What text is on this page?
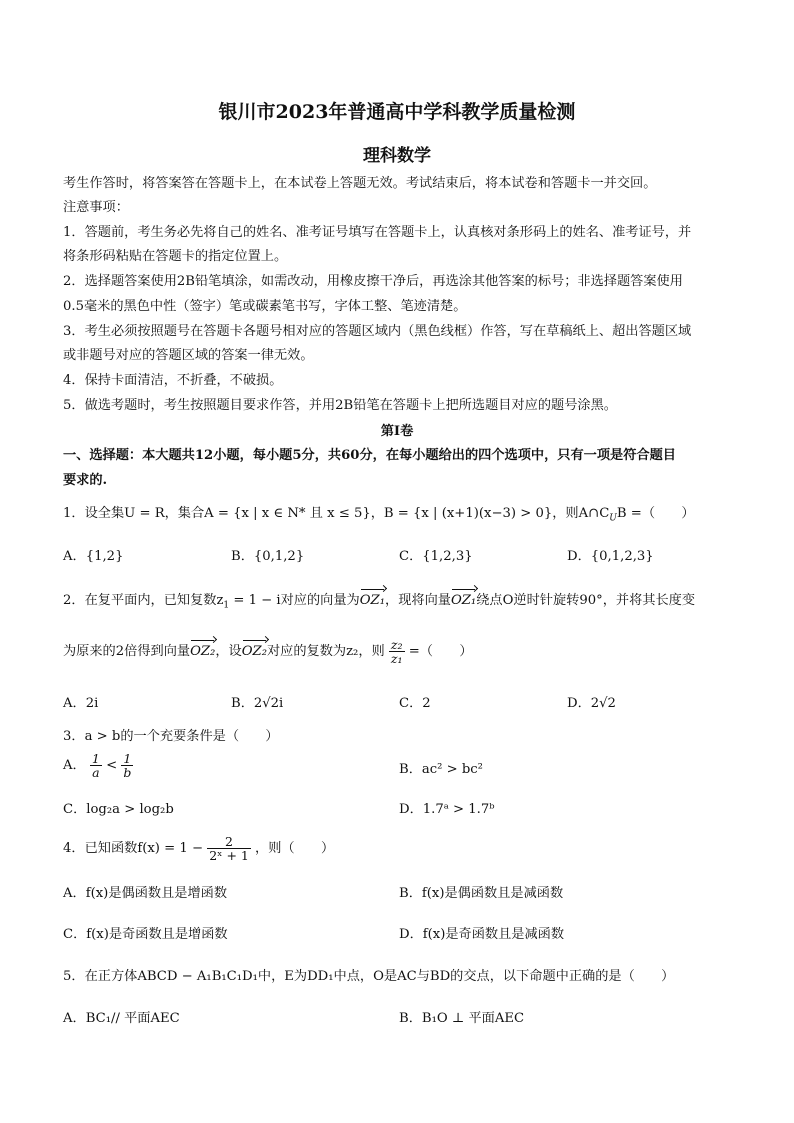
银川市2023年普通高中学科教学质量检测
理科数学
考生作答时，将答案答在答题卡上，在本试卷上答题无效。考试结束后，将本试卷和答题卡一并交回。
注意事项：
1．答题前，考生务必先将自己的姓名、准考证号填写在答题卡上，认真核对条形码上的姓名、准考证号，并
将条形码粘贴在答题卡的指定位置上。
2．选择题答案使用2B铅笔填涂，如需改动，用橡皮擦干净后，再选涂其他答案的标号；非选择题答案使用
0.5毫米的黑色中性（签字）笔或碳素笔书写，字体工整、笔迹清楚。
3．考生必须按照题号在答题卡各题号相对应的答题区域内（黑色线框）作答，写在草稿纸上、超出答题区域
或非题号对应的答题区域的答案一律无效。
4．保持卡面清洁，不折叠，不破损。
5．做选考题时，考生按照题目要求作答，并用2B铅笔在答题卡上把所选题目对应的题号涂黑。
第Ⅰ卷
一、选择题：本大题共12小题，每小题5分，共60分，在每小题给出的四个选项中，只有一项是符合题目
要求的.
1．设全集U = R，集合A = {x | x ∈ N* 且 x ≤ 5}，B = {x | (x+1)(x−3) > 0}，则$A\cap C_UB$ =（　　）
A．{1,2}	B．{0,1,2}	C．{1,2,3}	D．{0,1,2,3}
2．在复平面内，已知复数$z_1 = 1 - i$对应的向量为OZ₁，现将向量OZ₁绕点O逆时针旋转90°，并将其长度变
为原来的2倍得到向量OZ₂，设OZ₂对应的复数为z₂，则 $\frac{\text{z₂}}{\text{z₁}}$ =（　　）
A．2i	B．2√2i	C．2	D．2√2
3．a > b的一个充要条件是（　　）
A． $\frac{1}{a} < \frac{1}{b}$	B．ac² > bc²
C．log₂a > log₂b	D．1.7ᵃ > 1.7ᵇ
4．已知函数$f(x) = 1 - \frac{2}{\text{2ˣ + 1}}$ ，则（　　）
A．f(x)是偶函数且是增函数	B．f(x)是偶函数且是减函数
C．f(x)是奇函数且是增函数	D．f(x)是奇函数且是减函数
5．在正方体ABCD − A₁B₁C₁D₁中，E为DD₁中点，O是AC与BD的交点，以下命题中正确的是（　　）
A．BC₁// 平面AEC	B．B₁O ⊥ 平面AEC
